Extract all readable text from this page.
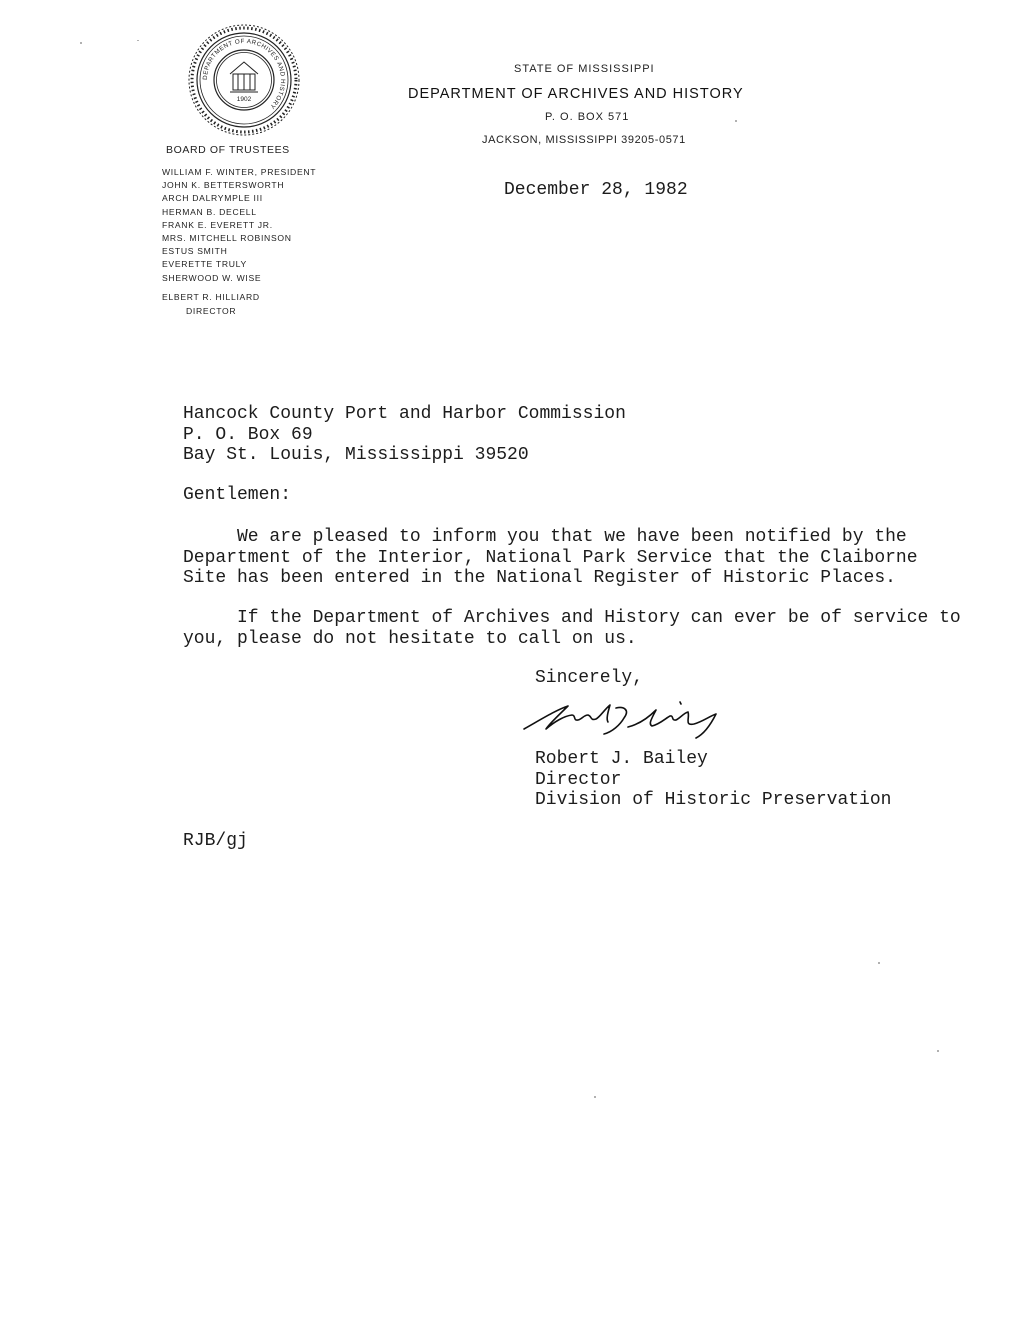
DEPARTMENT OF ARCHIVES AND HISTORY
1902
BOARD OF TRUSTEES
WILLIAM F. WINTER, PRESIDENT
JOHN K. BETTERSWORTH
ARCH DALRYMPLE III
HERMAN B. DECELL
FRANK E. EVERETT JR.
MRS. MITCHELL ROBINSON
ESTUS SMITH
EVERETTE TRULY
SHERWOOD W. WISE
ELBERT R. HILLIARD
DIRECTOR
STATE OF MISSISSIPPI
DEPARTMENT OF ARCHIVES AND HISTORY
P. O. BOX 571
JACKSON, MISSISSIPPI 39205-0571
December 28, 1982
Hancock County Port and Harbor Commission
P. O. Box 69
Bay St. Louis, Mississippi 39520
Gentlemen:
We are pleased to inform you that we have been notified by the
Department of the Interior, National Park Service that the Claiborne
Site has been entered in the National Register of Historic Places.
If the Department of Archives and History can ever be of service to
you, please do not hesitate to call on us.
Sincerely,
Robert J. Bailey
Director
Division of Historic Preservation
RJB/gj
